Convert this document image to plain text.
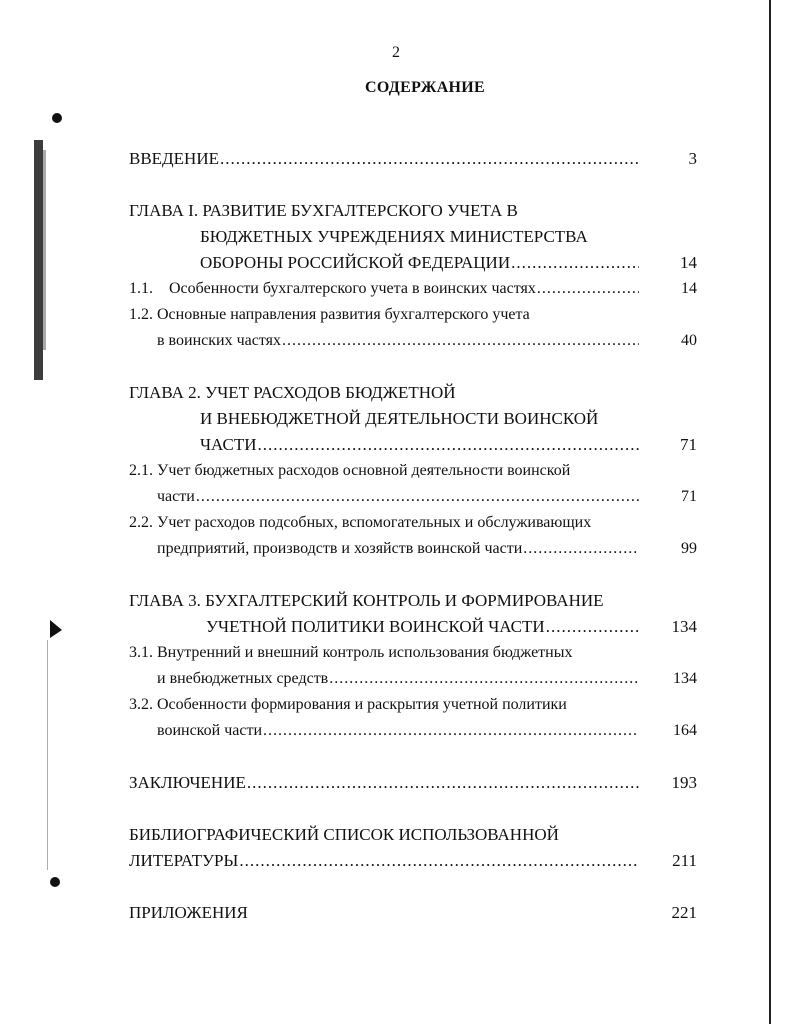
2
СОДЕРЖАНИЕ
ВВЕДЕНИЕ .....	3
ГЛАВА I. РАЗВИТИЕ БУХГАЛТЕРСКОГО УЧЕТА В
БЮДЖЕТНЫХ УЧРЕЖДЕНИЯХ МИНИСТЕРСТВА
ОБОРОНЫ РОССИЙСКОЙ ФЕДЕРАЦИИ .....	14
1.1.    Особенности бухгалтерского учета в воинских частях .....	14
1.2. Основные направления развития бухгалтерского учета
в воинских частях .....	40
ГЛАВА 2. УЧЕТ РАСХОДОВ БЮДЖЕТНОЙ
И ВНЕБЮДЖЕТНОЙ ДЕЯТЕЛЬНОСТИ ВОИНСКОЙ
ЧАСТИ .....	71
2.1. Учет бюджетных расходов основной деятельности воинской
части .....	71
2.2. Учет расходов подсобных, вспомогательных и обслуживающих
предприятий, производств и хозяйств воинской части .....	99
ГЛАВА 3. БУХГАЛТЕРСКИЙ КОНТРОЛЬ И ФОРМИРОВАНИЕ
УЧЕТНОЙ ПОЛИТИКИ ВОИНСКОЙ ЧАСТИ .....	134
3.1. Внутренний и внешний контроль использования бюджетных
и внебюджетных средств .....	134
3.2. Особенности формирования и раскрытия учетной политики
воинской части .....	164
ЗАКЛЮЧЕНИЕ .....	193
БИБЛИОГРАФИЧЕСКИЙ СПИСОК ИСПОЛЬЗОВАННОЙ
ЛИТЕРАТУРЫ .....	211
ПРИЛОЖЕНИЯ	221
